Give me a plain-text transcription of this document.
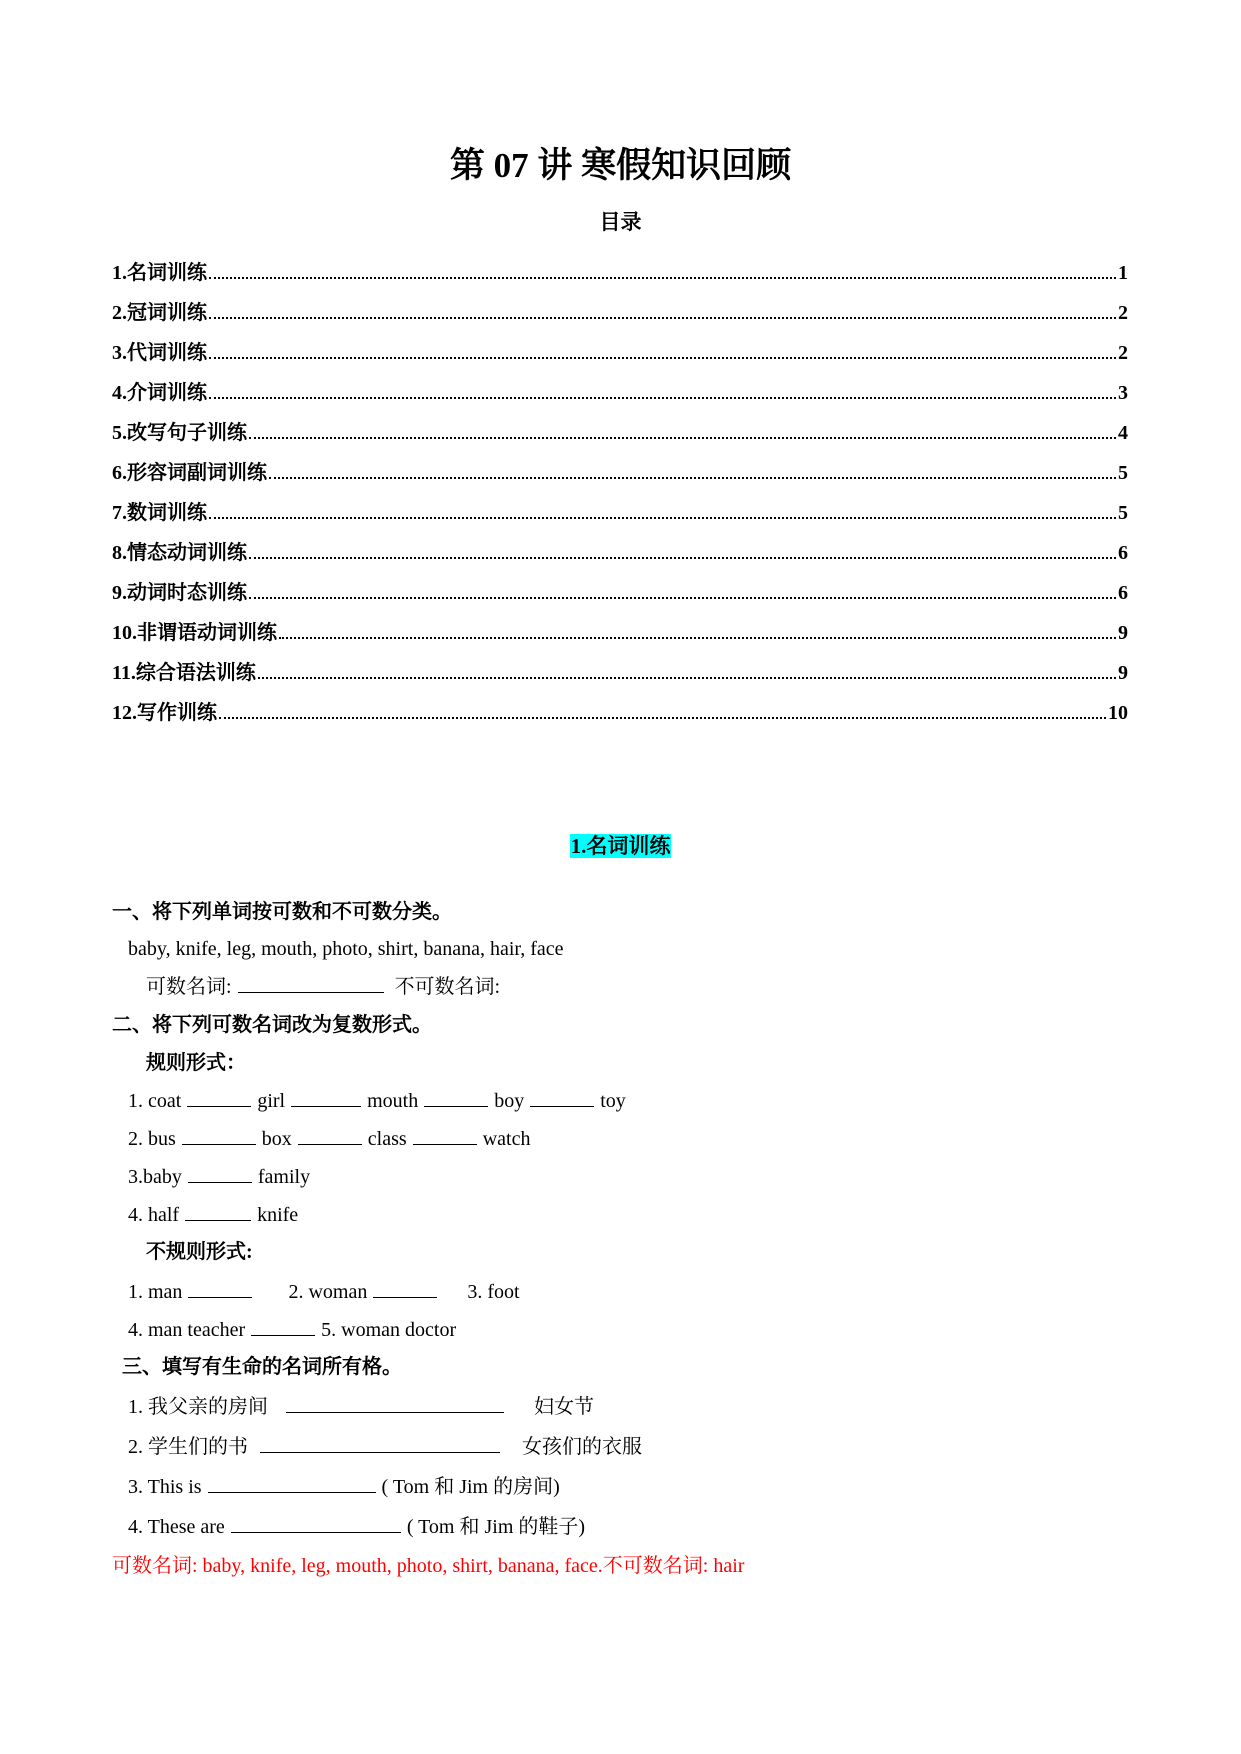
第 07 讲 寒假知识回顾
目录
1.名词训练	1
2.冠词训练	2
3.代词训练	2
4.介词训练	3
5.改写句子训练	4
6.形容词副词训练	5
7.数词训练	5
8.情态动词训练	6
9.动词时态训练	6
10.非谓语动词训练	9
11.综合语法训练	9
12.写作训练	10
1.名词训练
一、将下列单词按可数和不可数分类。
baby, knife, leg, mouth, photo, shirt, banana, hair, face
可数名词:	不可数名词:
二、将下列可数名词改为复数形式。
规则形式：
1. coat	girl	mouth	boy	toy
2. bus	box	class	watch
3.baby	family
4. half	knife
不规则形式:
1. man	2. woman	3. foot
4. man teacher	5. woman doctor
三、填写有生命的名词所有格。
1. 我父亲的房间	妇女节
2. 学生们的书	女孩们的衣服
3. This is	( Tom 和 Jim 的房间)
4. These are	( Tom 和 Jim 的鞋子)
可数名词: baby, knife, leg, mouth, photo, shirt, banana, face.不可数名词: hair
